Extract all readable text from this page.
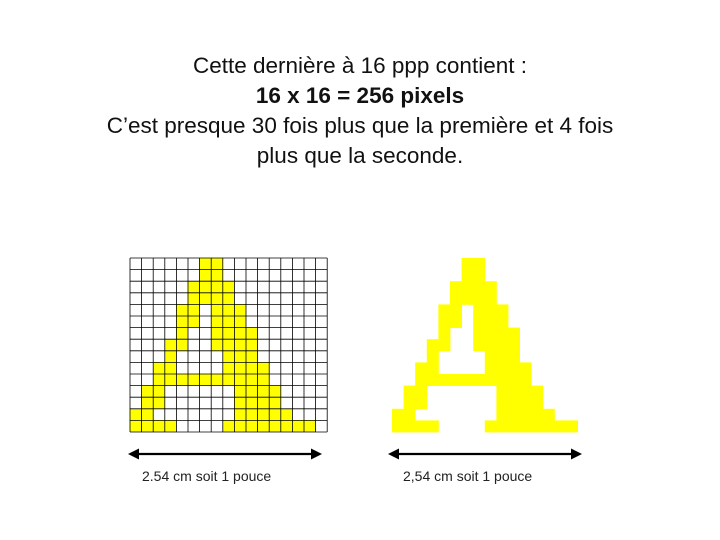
Cette dernière à 16 ppp contient :
16 x 16 = 256 pixels
C’est presque 30 fois plus que la première et 4 fois
plus que la seconde.
2.54 cm soit 1 pouce	2,54 cm soit 1 pouce
